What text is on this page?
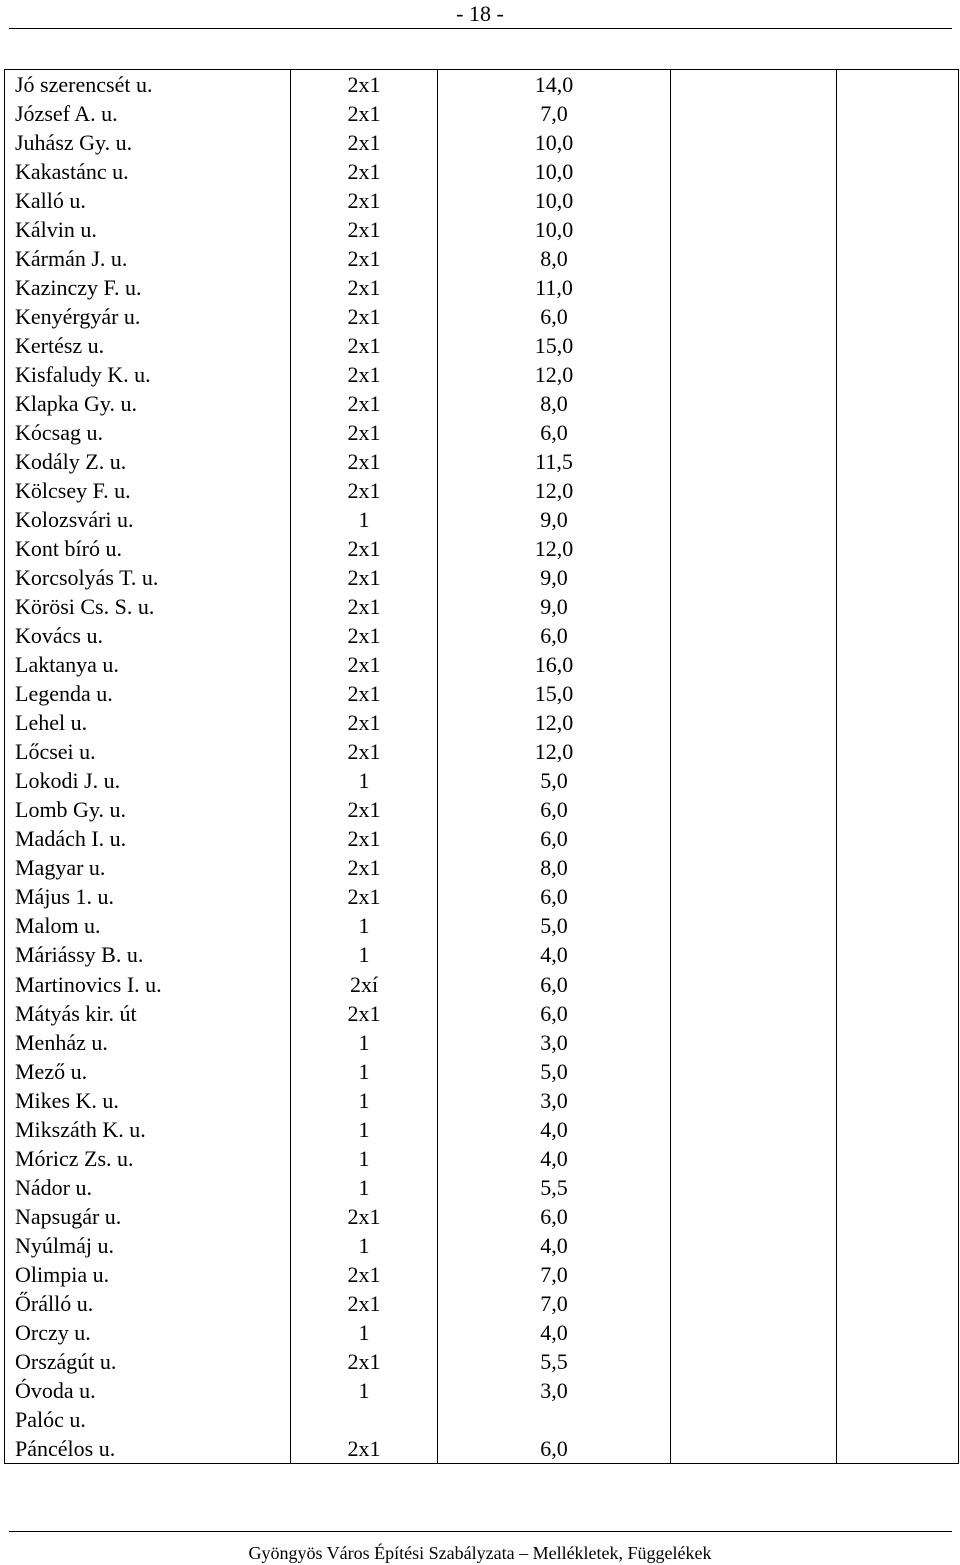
- 18 -
Jó szerencsét u.	2x1	14,0		
József A. u.	2x1	7,0		
Juhász Gy. u.	2x1	10,0		
Kakastánc u.	2x1	10,0		
Kalló u.	2x1	10,0		
Kálvin u.	2x1	10,0		
Kármán J. u.	2x1	8,0		
Kazinczy F. u.	2x1	11,0		
Kenyérgyár u.	2x1	6,0		
Kertész u.	2x1	15,0		
Kisfaludy K. u.	2x1	12,0		
Klapka Gy. u.	2x1	8,0		
Kócsag u.	2x1	6,0		
Kodály Z. u.	2x1	11,5		
Kölcsey F. u.	2x1	12,0		
Kolozsvári u.	1	9,0		
Kont bíró u.	2x1	12,0		
Korcsolyás T. u.	2x1	9,0		
Körösi Cs. S. u.	2x1	9,0		
Kovács u.	2x1	6,0		
Laktanya u.	2x1	16,0		
Legenda u.	2x1	15,0		
Lehel u.	2x1	12,0		
Lőcsei u.	2x1	12,0		
Lokodi J. u.	1	5,0		
Lomb Gy. u.	2x1	6,0		
Madách I. u.	2x1	6,0		
Magyar u.	2x1	8,0		
Május 1. u.	2x1	6,0		
Malom u.	1	5,0		
Máriássy B. u.	1	4,0		
Martinovics I. u.	2xí	6,0		
Mátyás kir. út	2x1	6,0		
Menház u.	1	3,0		
Mező u.	1	5,0		
Mikes K. u.	1	3,0		
Mikszáth K. u.	1	4,0		
Móricz Zs. u.	1	4,0		
Nádor u.	1	5,5		
Napsugár u.	2x1	6,0		
Nyúlmáj u.	1	4,0		
Olimpia u.	2x1	7,0		
Őrálló u.	2x1	7,0		
Orczy u.	1	4,0		
Országút u.	2x1	5,5		
Óvoda u.	1	3,0		
Palóc u.				
Páncélos u.	2x1	6,0		
Gyöngyös Város Építési Szabályzata – Mellékletek, Függelékek
